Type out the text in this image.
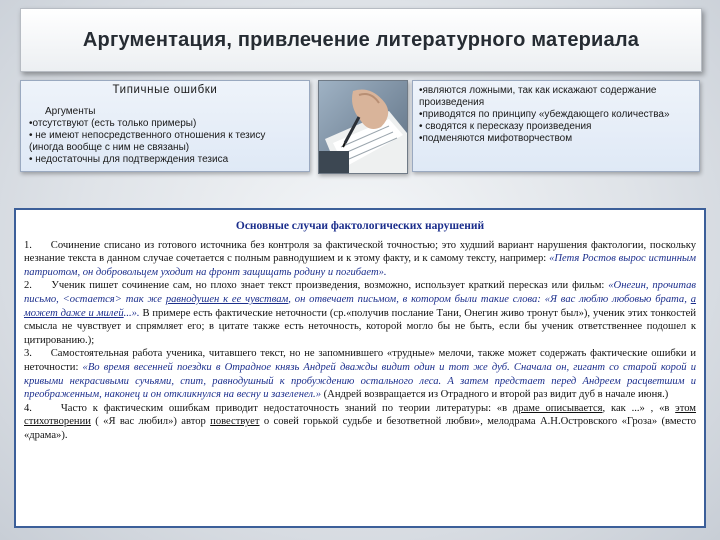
Аргументация, привлечение литературного материала
Типичные ошибки
Аргументы
•отсутствуют (есть только примеры)
• не имеют непосредственного отношения к тезису
(иногда вообще с ним не связаны)
• недостаточны для подтверждения тезиса
•являются ложными, так как искажают содержание произведения
•приводятся по принципу «убеждающего количества»
• сводятся к пересказу произведения
•подменяются мифотворчеством
Основные случаи фактологических нарушений

1. Сочинение списано из готового источника без контроля за фактической точностью; это худший вариант нарушения фактологии, поскольку незнание текста в данном случае сочетается с полным равнодушием и к этому факту, и к самому тексту, например: «Петя Ростов вырос истинным патриотом, он добровольцем уходит на фронт защищать родину и погибает».

2. Ученик пишет сочинение сам, но плохо знает текст произведения, возможно, использует краткий пересказ или фильм: «Онегин, прочитав письмо, <остается> так же равнодушен к ее чувствам, он отвечает письмом, в котором были такие слова: «Я вас люблю любовью брата, а может даже и милей...». В примере есть фактические неточности (ср.«получив послание Тани, Онегин живо тронут был»), ученик этих тонкостей смысла не чувствует и спрямляет его; в цитате также есть неточность, которой могло бы не быть, если бы ученик ответственнее подошел к цитированию.);

3. Самостоятельная работа ученика, читавшего текст, но не запомнившего «трудные» мелочи, также может содержать фактические ошибки и неточности: «Во время весенней поездки в Отрадное князь Андрей дважды видит один и тот же дуб. Сначала он, гигант со старой корой и кривыми некрасивыми сучьями, спит, равнодушный к пробуждению остального леса. А затем предстает перед Андреем расцветшим и преображенным, наконец и он откликнулся на весну и зазеленел.» (Андрей возвращается из Отрадного и второй раз видит дуб в начале июня.)

4.	Часто к фактическим ошибкам приводит недостаточность знаний по теории литературы: «в драме описывается, как ...» , «в этом стихотворении ( «Я вас любил») автор повествует о совей горькой судьбе и безответной любви», мелодрама А.Н.Островского «Гроза» (вместо «драма»).
